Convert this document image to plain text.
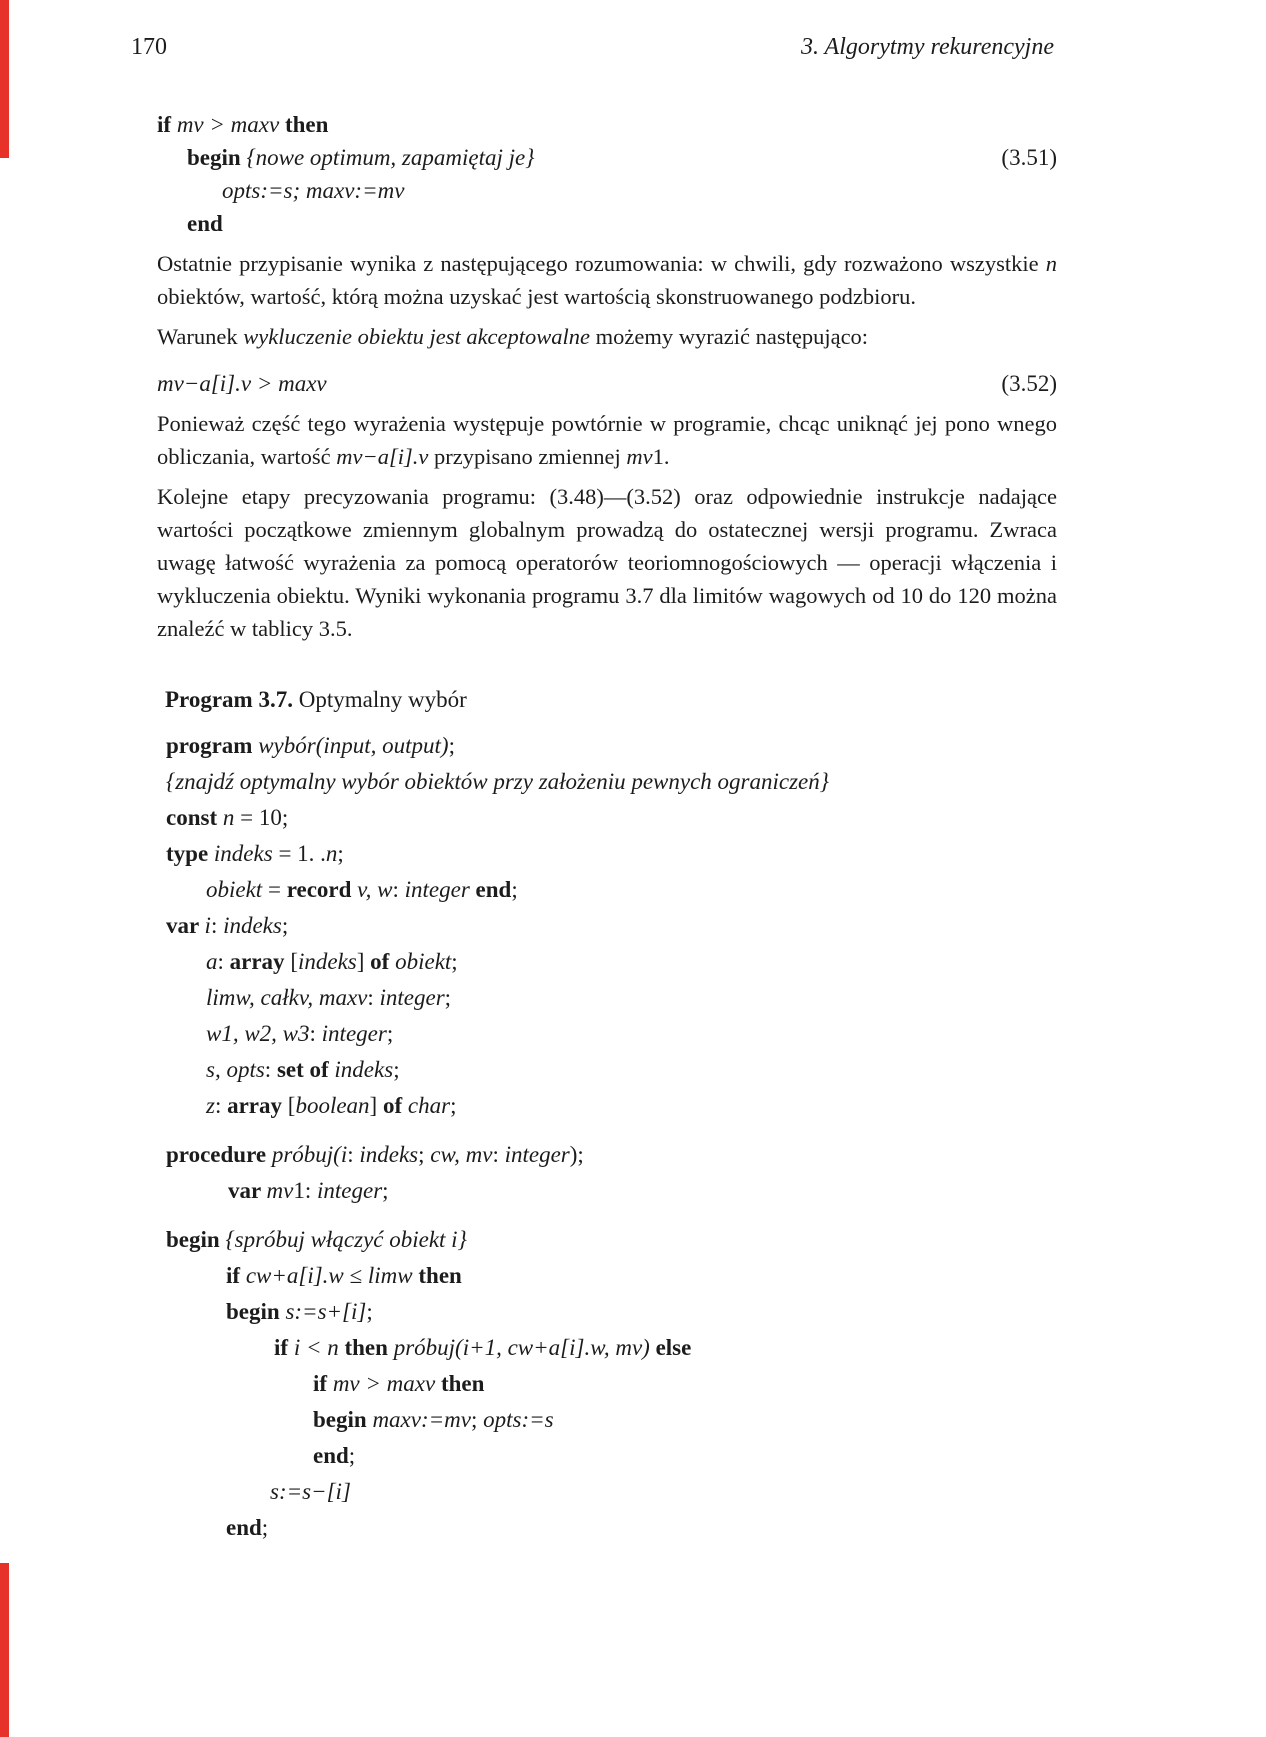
170	3. Algorytmy rekurencyjne
if mv > maxv then
begin {nowe optimum, zapamiętaj je}	(3.51)
opts:=s; maxv:=mv
end

Ostatnie przypisanie wynika z następującego rozumowania: w chwili, gdy rozważono wszystkie n obiektów, wartość, którą można uzyskać jest wartością skonstruowanego podzbioru.

Warunek wykluczenie obiektu jest akceptowalne możemy wyrazić następująco:

mv−a[i].v > maxv	(3.52)

Ponieważ część tego wyrażenia występuje powtórnie w programie, chcąc uniknąć jej pono wnego obliczania, wartość mv−a[i].v przypisano zmiennej mv1.

Kolejne etapy precyzowania programu: (3.48)—(3.52) oraz odpowiednie instrukcje nadające wartości początkowe zmiennym globalnym prowadzą do ostatecznej wersji programu. Zwraca uwagę łatwość wyrażenia za pomocą operatorów teoriomnogościowych — operacji włączenia i wykluczenia obiektu. Wyniki wykonania programu 3.7 dla limitów wagowych od 10 do 120 można znaleźć w tablicy 3.5.

Program 3.7. Optymalny wybór

program wybór(input, output);
{znajdź optymalny wybór obiektów przy założeniu pewnych ograniczeń}
const n = 10;
type indeks = 1. .n;
obiekt = record v, w: integer end;
var i: indeks;
a: array [indeks] of obiekt;
limw, całkv, maxv: integer;
w1, w2, w3: integer;
s, opts: set of indeks;
z: array [boolean] of char;
procedure próbuj(i: indeks; cw, mv: integer);
var mv1: integer;
begin {spróbuj włączyć obiekt i}
if cw+a[i].w ≤ limw then
begin s:=s+[i];
if i < n then próbuj(i+1, cw+a[i].w, mv) else
if mv > maxv then
begin maxv:=mv; opts:=s
end;
s:=s−[i]
end;
